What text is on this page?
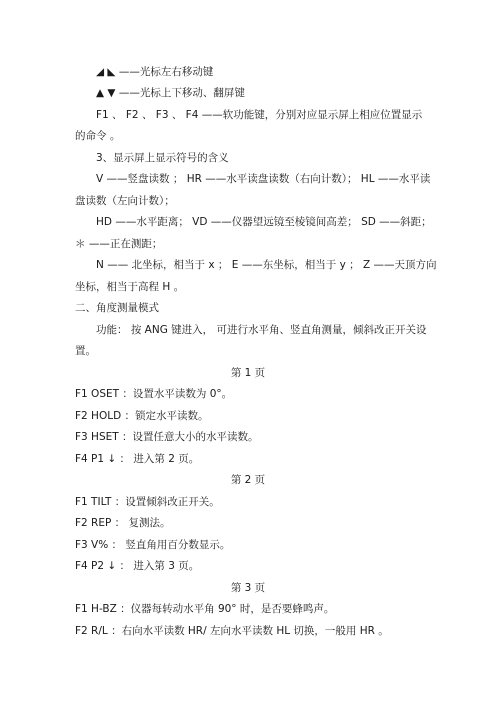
◢ ◣ ——光标左右移动键
▲ ▼ ——光标上下移动、翻屏键
F1 、 F2 、 F3 、 F4 ——软功能键，分别对应显示屏上相应位置显示
的命令 。
3、显示屏上显示符号的含义
V ——竖盘读数 ； HR ——水平读盘读数（右向计数）； HL ——水平读
盘读数（左向计数）；
HD ——水平距离； VD ——仪器望远镜至棱镜间高差； SD ——斜距；
＊ ——正在测距；
N —— 北坐标，相当于 x ； E ——东坐标，相当于 y ； Z ——天顶方向
坐标，相当于高程 H 。
二、角度测量模式
功能： 按 ANG 键进入， 可进行水平角、竖直角测量，倾斜改正开关设
置。
第 1 页
F1 OSET ：设置水平读数为 0°。
F2 HOLD ：锁定水平读数。
F3 HSET ：设置任意大小的水平读数。
F4 P1 ↓ ： 进入第 2 页。
第 2 页
F1 TILT ：设置倾斜改正开关。
F2 REP ： 复测法。
F3 V% ： 竖直角用百分数显示。
F4 P2 ↓ ： 进入第 3 页。
第 3 页
F1 H-BZ ：仪器每转动水平角 90° 时，是否要蜂鸣声。
F2 R/L ：右向水平读数 HR/ 左向水平读数 HL 切换，一般用 HR 。
